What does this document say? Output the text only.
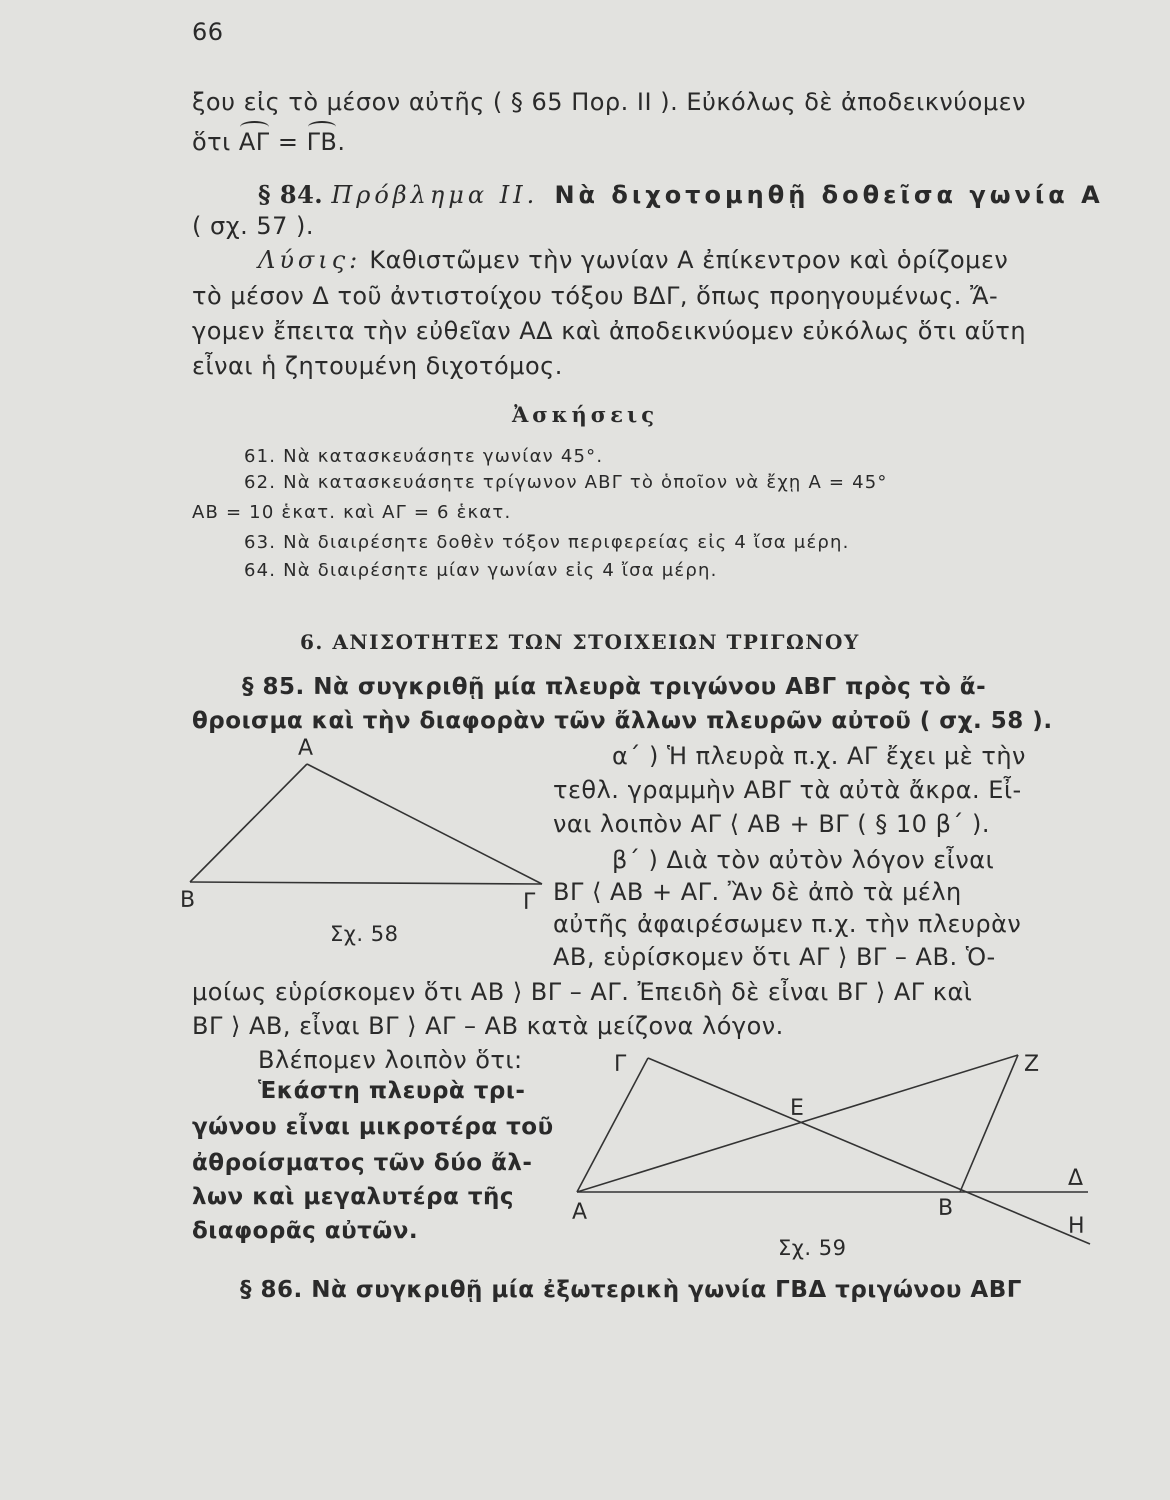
66
ξου εἰς τὸ μέσον αὐτῆς ( § 65 Πορ. II ). Εὐκόλως δὲ ἀποδεικνύομεν
ὅτι ΑΓ = ΓΒ.
§ 84. Πρόβλημα II. Νὰ διχοτομηθῇ δοθεῖσα γωνία Α
( σχ. 57 ).
Λύσις: Καθιστῶμεν τὴν γωνίαν Α ἐπίκεντρον καὶ ὁρίζομεν
τὸ μέσον Δ τοῦ ἀντιστοίχου τόξου ΒΔΓ, ὅπως προηγουμένως. Ἄ-
γομεν ἔπειτα τὴν εὐθεῖαν ΑΔ καὶ ἀποδεικνύομεν εὐκόλως ὅτι αὕτη
εἶναι ἡ ζητουμένη διχοτόμος.
Ἀσκήσεις
61. Νὰ κατασκευάσητε γωνίαν 45°.
62. Νὰ κατασκευάσητε τρίγωνον ΑΒΓ τὸ ὁποῖον νὰ ἔχῃ Α = 45°
ΑΒ = 10 ἑκατ. καὶ ΑΓ = 6 ἑκατ.
63. Νὰ διαιρέσητε δοθὲν τόξον περιφερείας εἰς 4 ἴσα μέρη.
64. Νὰ διαιρέσητε μίαν γωνίαν εἰς 4 ἴσα μέρη.
6. ΑΝΙΣΟΤΗΤΕΣ ΤΩΝ ΣΤΟΙΧΕΙΩΝ ΤΡΙΓΩΝΟΥ
§ 85. Νὰ συγκριθῇ μία πλευρὰ τριγώνου ΑΒΓ πρὸς τὸ ἄ-
θροισμα καὶ τὴν διαφορὰν τῶν ἄλλων πλευρῶν αὐτοῦ ( σχ. 58 ).
α΄ ) Ἡ πλευρὰ π.χ. ΑΓ ἔχει μὲ τὴν
τεθλ. γραμμὴν ΑΒΓ τὰ αὐτὰ ἄκρα. Εἶ-
ναι λοιπὸν ΑΓ ⟨ ΑΒ + ΒΓ ( § 10 β΄ ).
β΄ ) Διὰ τὸν αὐτὸν λόγον εἶναι
ΒΓ ⟨ ΑΒ + ΑΓ. Ἂν δὲ ἀπὸ τὰ μέλη
αὐτῆς ἀφαιρέσωμεν π.χ. τὴν πλευρὰν
ΑΒ, εὑρίσκομεν ὅτι ΑΓ ⟩ ΒΓ – ΑΒ. Ὁ-
μοίως εὑρίσκομεν ὅτι ΑΒ ⟩ ΒΓ – ΑΓ. Ἐπειδὴ δὲ εἶναι ΒΓ ⟩ ΑΓ καὶ
ΒΓ ⟩ ΑΒ, εἶναι ΒΓ ⟩ ΑΓ – ΑΒ κατὰ μείζονα λόγον.
Βλέπομεν λοιπὸν ὅτι:
Ἑκάστη πλευρὰ τρι-
γώνου εἶναι μικροτέρα τοῦ
ἀθροίσματος τῶν δύο ἄλ-
λων καὶ μεγαλυτέρα τῆς
διαφορᾶς αὐτῶν.
Α
Β	Γ
Σχ. 58
Γ	Ζ
Ε
Δ
Α	Β
Η
Σχ. 59
§ 86. Νὰ συγκριθῇ μία ἐξωτερικὴ γωνία ΓΒΔ τριγώνου ΑΒΓ
